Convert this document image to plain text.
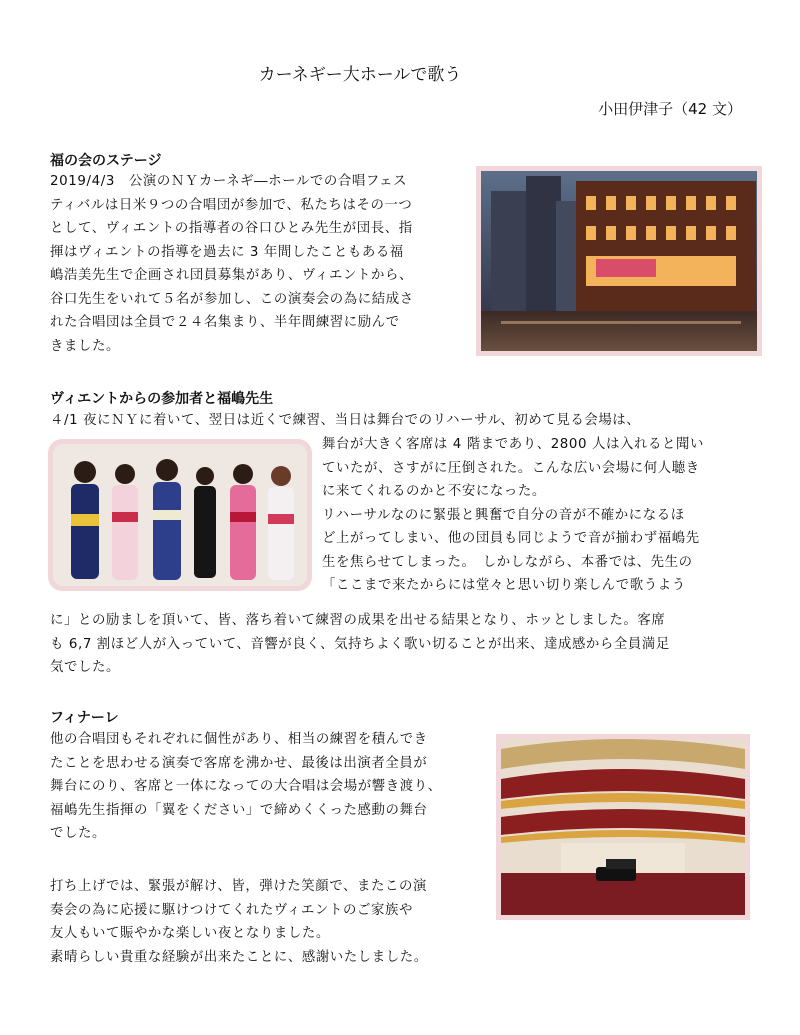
カーネギー大ホールで歌う
小田伊津子（42 文）
福の会のステージ
2019/4/3　公演のＮＹカーネギ―ホールでの合唱フェス
ティバルは日米９つの合唱団が参加で、私たちはその一つ
として、ヴィエントの指導者の谷口ひとみ先生が団長、指
揮はヴィエントの指導を過去に 3 年間したこともある福
嶋浩美先生で企画され団員募集があり、ヴィエントから、
谷口先生をいれて５名が参加し、この演奏会の為に結成さ
れた合唱団は全員で２４名集まり、半年間練習に励んで
きました。
ヴィエントからの参加者と福嶋先生
４/1 夜にＮＹに着いて、翌日は近くで練習、当日は舞台でのリハーサル、初めて見る会場は、
舞台が大きく客席は 4 階まであり、2800 人は入れると聞い
ていたが、さすがに圧倒された。こんな広い会場に何人聴き
に来てくれるのかと不安になった。
リハーサルなのに緊張と興奮で自分の音が不確かになるほ
ど上がってしまい、他の団員も同じようで音が揃わず福嶋先
生を焦らせてしまった。　しかしながら、本番では、先生の
「ここまで来たからには堂々と思い切り楽しんで歌うよう
に」との励ましを頂いて、皆、落ち着いて練習の成果を出せる結果となり、ホッとしました。客席
も 6,7 割ほど人が入っていて、音響が良く、気持ちよく歌い切ることが出来、達成感から全員満足
気でした。
フィナーレ
他の合唱団もそれぞれに個性があり、相当の練習を積んでき
たことを思わせる演奏で客席を沸かせ、最後は出演者全員が
舞台にのり、客席と一体になっての大合唱は会場が響き渡り、
福嶋先生指揮の「翼をください」で締めくくった感動の舞台
でした。
打ち上げでは、緊張が解け、皆，弾けた笑顔で、またこの演
奏会の為に応援に駆けつけてくれたヴィエントのご家族や
友人もいて賑やかな楽しい夜となりました。
素晴らしい貴重な経験が出来たことに、感謝いたしました。
